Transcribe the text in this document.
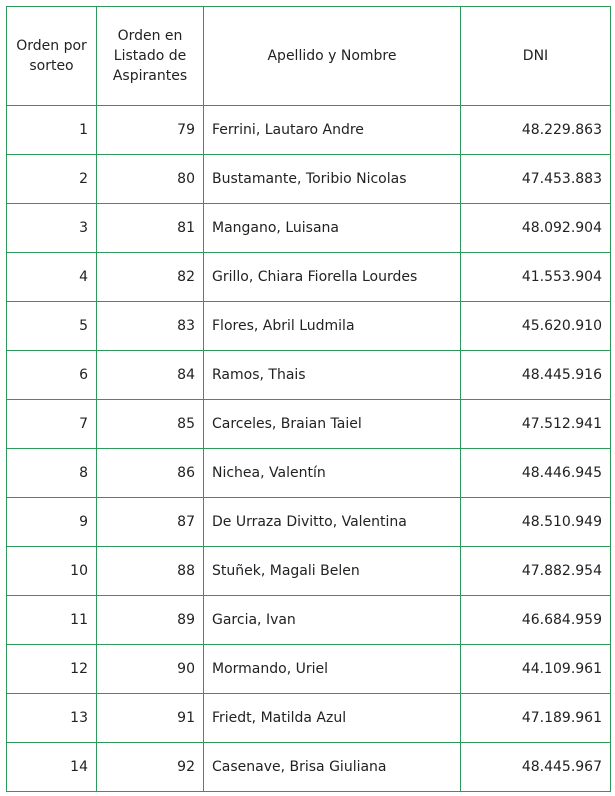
Orden por sorteo	Orden en Listado de Aspirantes	Apellido y Nombre	DNI
1	79	Ferrini, Lautaro Andre	48.229.863
2	80	Bustamante, Toribio Nicolas	47.453.883
3	81	Mangano, Luisana	48.092.904
4	82	Grillo, Chiara Fiorella Lourdes	41.553.904
5	83	Flores, Abril Ludmila	45.620.910
6	84	Ramos, Thais	48.445.916
7	85	Carceles, Braian Taiel	47.512.941
8	86	Nichea, Valentín	48.446.945
9	87	De Urraza Divitto, Valentina	48.510.949
10	88	Stuñek, Magali Belen	47.882.954
11	89	Garcia, Ivan	46.684.959
12	90	Mormando, Uriel	44.109.961
13	91	Friedt, Matilda Azul	47.189.961
14	92	Casenave, Brisa Giuliana	48.445.967
